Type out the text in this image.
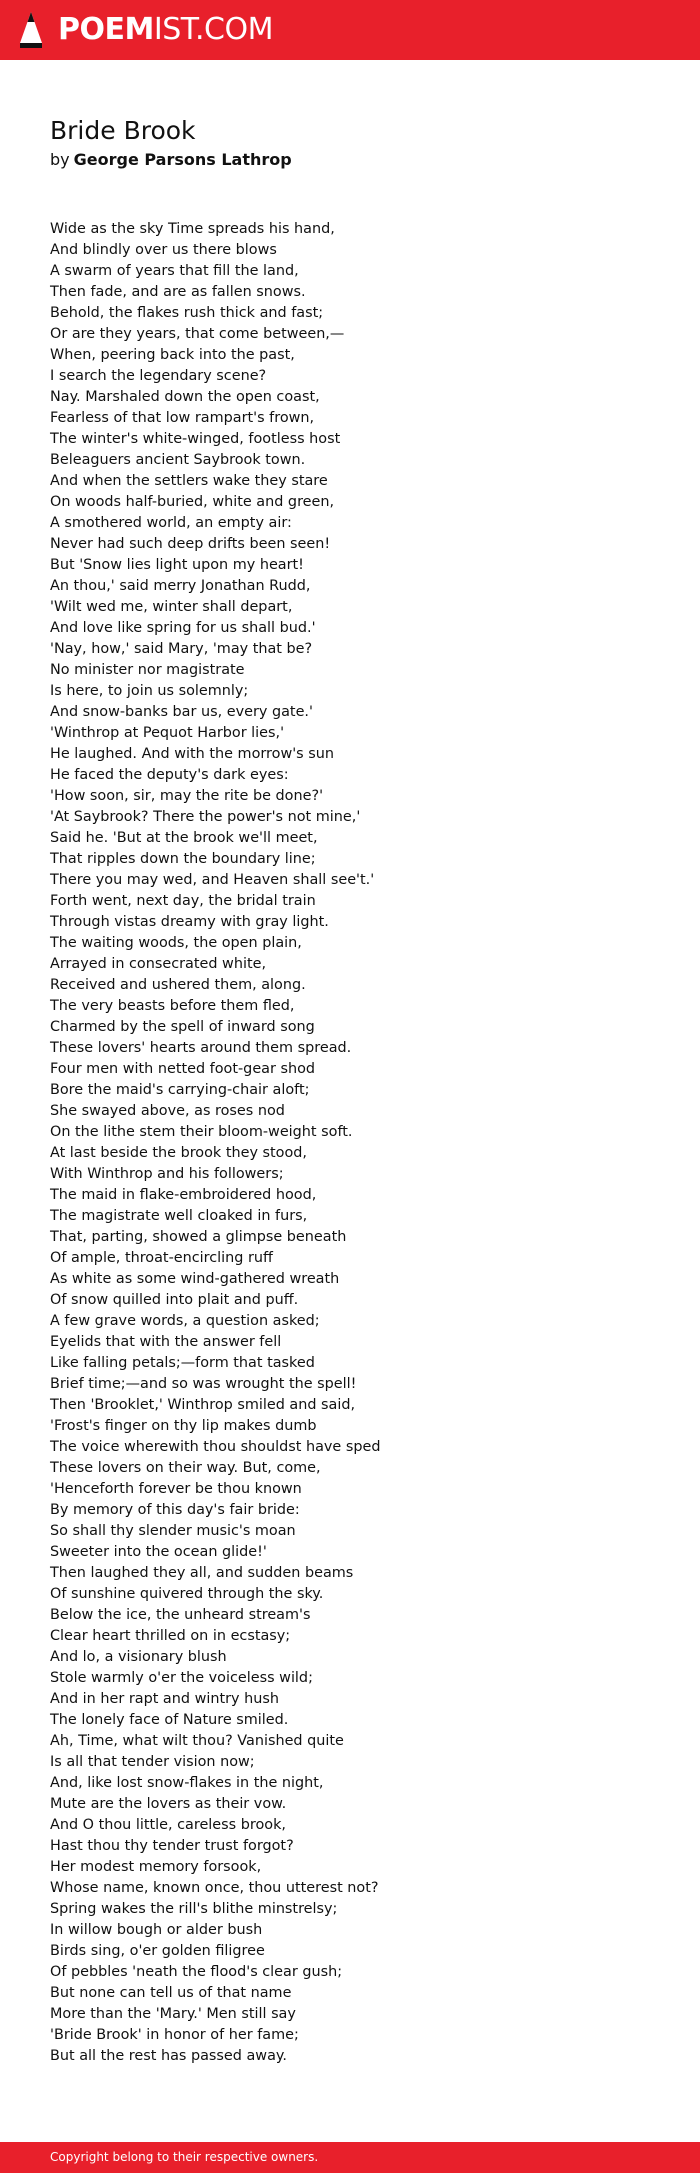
POEMIST.COM
Bride Brook
by George Parsons Lathrop
Wide as the sky Time spreads his hand,
And blindly over us there blows
A swarm of years that fill the land,
Then fade, and are as fallen snows.
Behold, the flakes rush thick and fast;
Or are they years, that come between,—
When, peering back into the past,
I search the legendary scene?
Nay. Marshaled down the open coast,
Fearless of that low rampart's frown,
The winter's white-winged, footless host
Beleaguers ancient Saybrook town.
And when the settlers wake they stare
On woods half-buried, white and green,
A smothered world, an empty air:
Never had such deep drifts been seen!
But 'Snow lies light upon my heart!
An thou,' said merry Jonathan Rudd,
'Wilt wed me, winter shall depart,
And love like spring for us shall bud.'
'Nay, how,' said Mary, 'may that be?
No minister nor magistrate
Is here, to join us solemnly;
And snow-banks bar us, every gate.'
'Winthrop at Pequot Harbor lies,'
He laughed. And with the morrow's sun
He faced the deputy's dark eyes:
'How soon, sir, may the rite be done?'
'At Saybrook? There the power's not mine,'
Said he. 'But at the brook we'll meet,
That ripples down the boundary line;
There you may wed, and Heaven shall see't.'
Forth went, next day, the bridal train
Through vistas dreamy with gray light.
The waiting woods, the open plain,
Arrayed in consecrated white,
Received and ushered them, along.
The very beasts before them fled,
Charmed by the spell of inward song
These lovers' hearts around them spread.
Four men with netted foot-gear shod
Bore the maid's carrying-chair aloft;
She swayed above, as roses nod
On the lithe stem their bloom-weight soft.
At last beside the brook they stood,
With Winthrop and his followers;
The maid in flake-embroidered hood,
The magistrate well cloaked in furs,
That, parting, showed a glimpse beneath
Of ample, throat-encircling ruff
As white as some wind-gathered wreath
Of snow quilled into plait and puff.
A few grave words, a question asked;
Eyelids that with the answer fell
Like falling petals;—form that tasked
Brief time;—and so was wrought the spell!
Then 'Brooklet,' Winthrop smiled and said,
'Frost's finger on thy lip makes dumb
The voice wherewith thou shouldst have sped
These lovers on their way. But, come,
'Henceforth forever be thou known
By memory of this day's fair bride:
So shall thy slender music's moan
Sweeter into the ocean glide!'
Then laughed they all, and sudden beams
Of sunshine quivered through the sky.
Below the ice, the unheard stream's
Clear heart thrilled on in ecstasy;
And lo, a visionary blush
Stole warmly o'er the voiceless wild;
And in her rapt and wintry hush
The lonely face of Nature smiled.
Ah, Time, what wilt thou? Vanished quite
Is all that tender vision now;
And, like lost snow-flakes in the night,
Mute are the lovers as their vow.
And O thou little, careless brook,
Hast thou thy tender trust forgot?
Her modest memory forsook,
Whose name, known once, thou utterest not?
Spring wakes the rill's blithe minstrelsy;
In willow bough or alder bush
Birds sing, o'er golden filigree
Of pebbles 'neath the flood's clear gush;
But none can tell us of that name
More than the 'Mary.' Men still say
'Bride Brook' in honor of her fame;
But all the rest has passed away.
Copyright belong to their respective owners.
